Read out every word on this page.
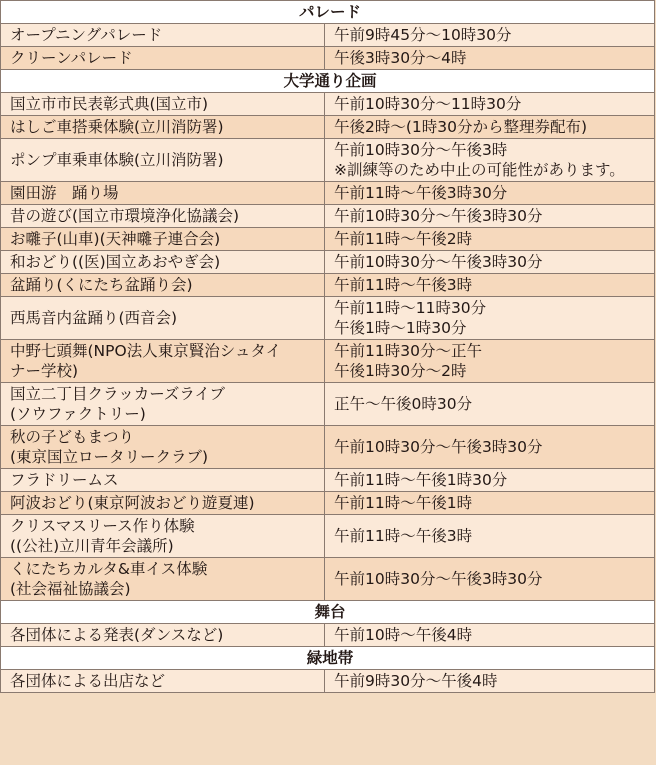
パレード	

オープニングパレード	午前9時45分～10時30分

クリーンパレード	午後3時30分～4時

大学通り企画	

国立市市民表彰式典(国立市)	午前10時30分～11時30分

はしご車搭乗体験(立川消防署)	午後2時～(1時30分から整理券配布)

ポンプ車乗車体験(立川消防署)	午前10時30分～午後3時
※訓練等のため中止の可能性があります。

園田游　踊り場	午前11時～午後3時30分

昔の遊び(国立市環境浄化協議会)	午前10時30分～午後3時30分

お囃子(山車)(天神囃子連合会)	午前11時～午後2時

和おどり((医)国立あおやぎ会)	午前10時30分～午後3時30分

盆踊り(くにたち盆踊り会)	午前11時～午後3時

西馬音内盆踊り(西音会)	午前11時～11時30分
午後1時～1時30分

中野七頭舞(NPO法人東京賢治シュタイ
ナー学校)	午前11時30分～正午
午後1時30分～2時

国立二丁目クラッカーズライブ
(ソウファクトリー)	正午～午後0時30分

秋の子どもまつり
(東京国立ロータリークラブ)	午前10時30分～午後3時30分

フラドリームス	午前11時～午後1時30分

阿波おどり(東京阿波おどり遊夏連)	午前11時～午後1時

クリスマスリース作り体験
((公社)立川青年会議所)	午前11時～午後3時

くにたちカルタ&車イス体験
(社会福祉協議会)	午前10時30分～午後3時30分

舞台	

各団体による発表(ダンスなど)	午前10時～午後4時

緑地帯	

各団体による出店など	午前9時30分～午後4時
